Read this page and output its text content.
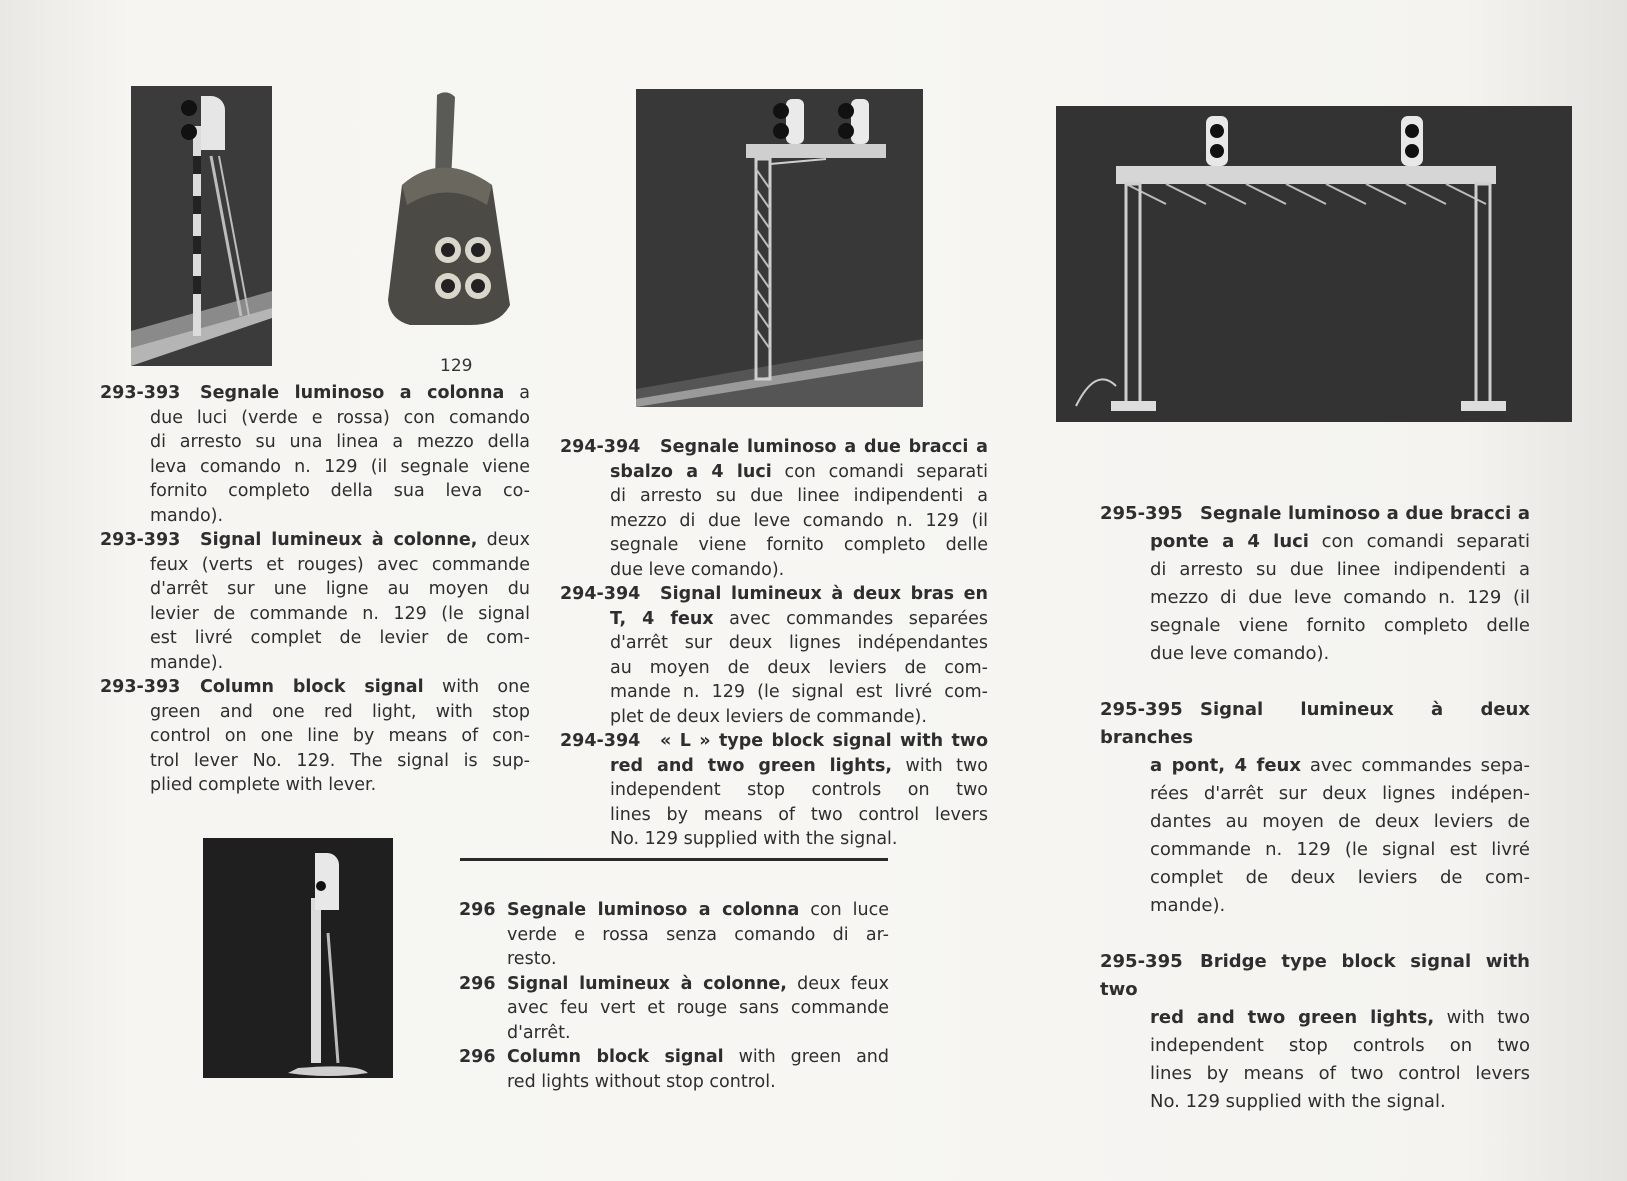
129
293-393 Segnale luminoso a colonna a
due luci (verde e rossa) con comando
di arresto su una linea a mezzo della
leva comando n. 129 (il segnale viene
fornito completo della sua leva co-
mando).
293-393 Signal lumineux à colonne, deux
feux (verts et rouges) avec commande
d'arrêt sur une ligne au moyen du
levier de commande n. 129 (le signal
est livré complet de levier de com-
mande).
293-393 Column block signal with one
green and one red light, with stop
control on one line by means of con-
trol lever No. 129. The signal is sup-
plied complete with lever.
294-394 Segnale luminoso a due bracci a
sbalzo a 4 luci con comandi separati
di arresto su due linee indipendenti a
mezzo di due leve comando n. 129 (il
segnale viene fornito completo delle
due leve comando).
294-394 Signal lumineux à deux bras en
T, 4 feux avec commandes separées
d'arrêt sur deux lignes indépendantes
au moyen de deux leviers de com-
mande n. 129 (le signal est livré com-
plet de deux leviers de commande).
294-394 « L » type block signal with two
red and two green lights, with two
independent stop controls on two
lines by means of two control levers
No. 129 supplied with the signal.
296 Segnale luminoso a colonna con luce
verde e rossa senza comando di ar-
resto.
296 Signal lumineux à colonne, deux feux
avec feu vert et rouge sans commande
d'arrêt.
296 Column block signal with green and
red lights without stop control.
295-395 Segnale luminoso a due bracci a
ponte a 4 luci con comandi separati
di arresto su due linee indipendenti a
mezzo di due leve comando n. 129 (il
segnale viene fornito completo delle
due leve comando).
295-395 Signal lumineux à deux branches
a pont, 4 feux avec commandes sepa-
rées d'arrêt sur deux lignes indépen-
dantes au moyen de deux leviers de
commande n. 129 (le signal est livré
complet de deux leviers de com-
mande).
295-395 Bridge type block signal with two
red and two green lights, with two
independent stop controls on two
lines by means of two control levers
No. 129 supplied with the signal.
